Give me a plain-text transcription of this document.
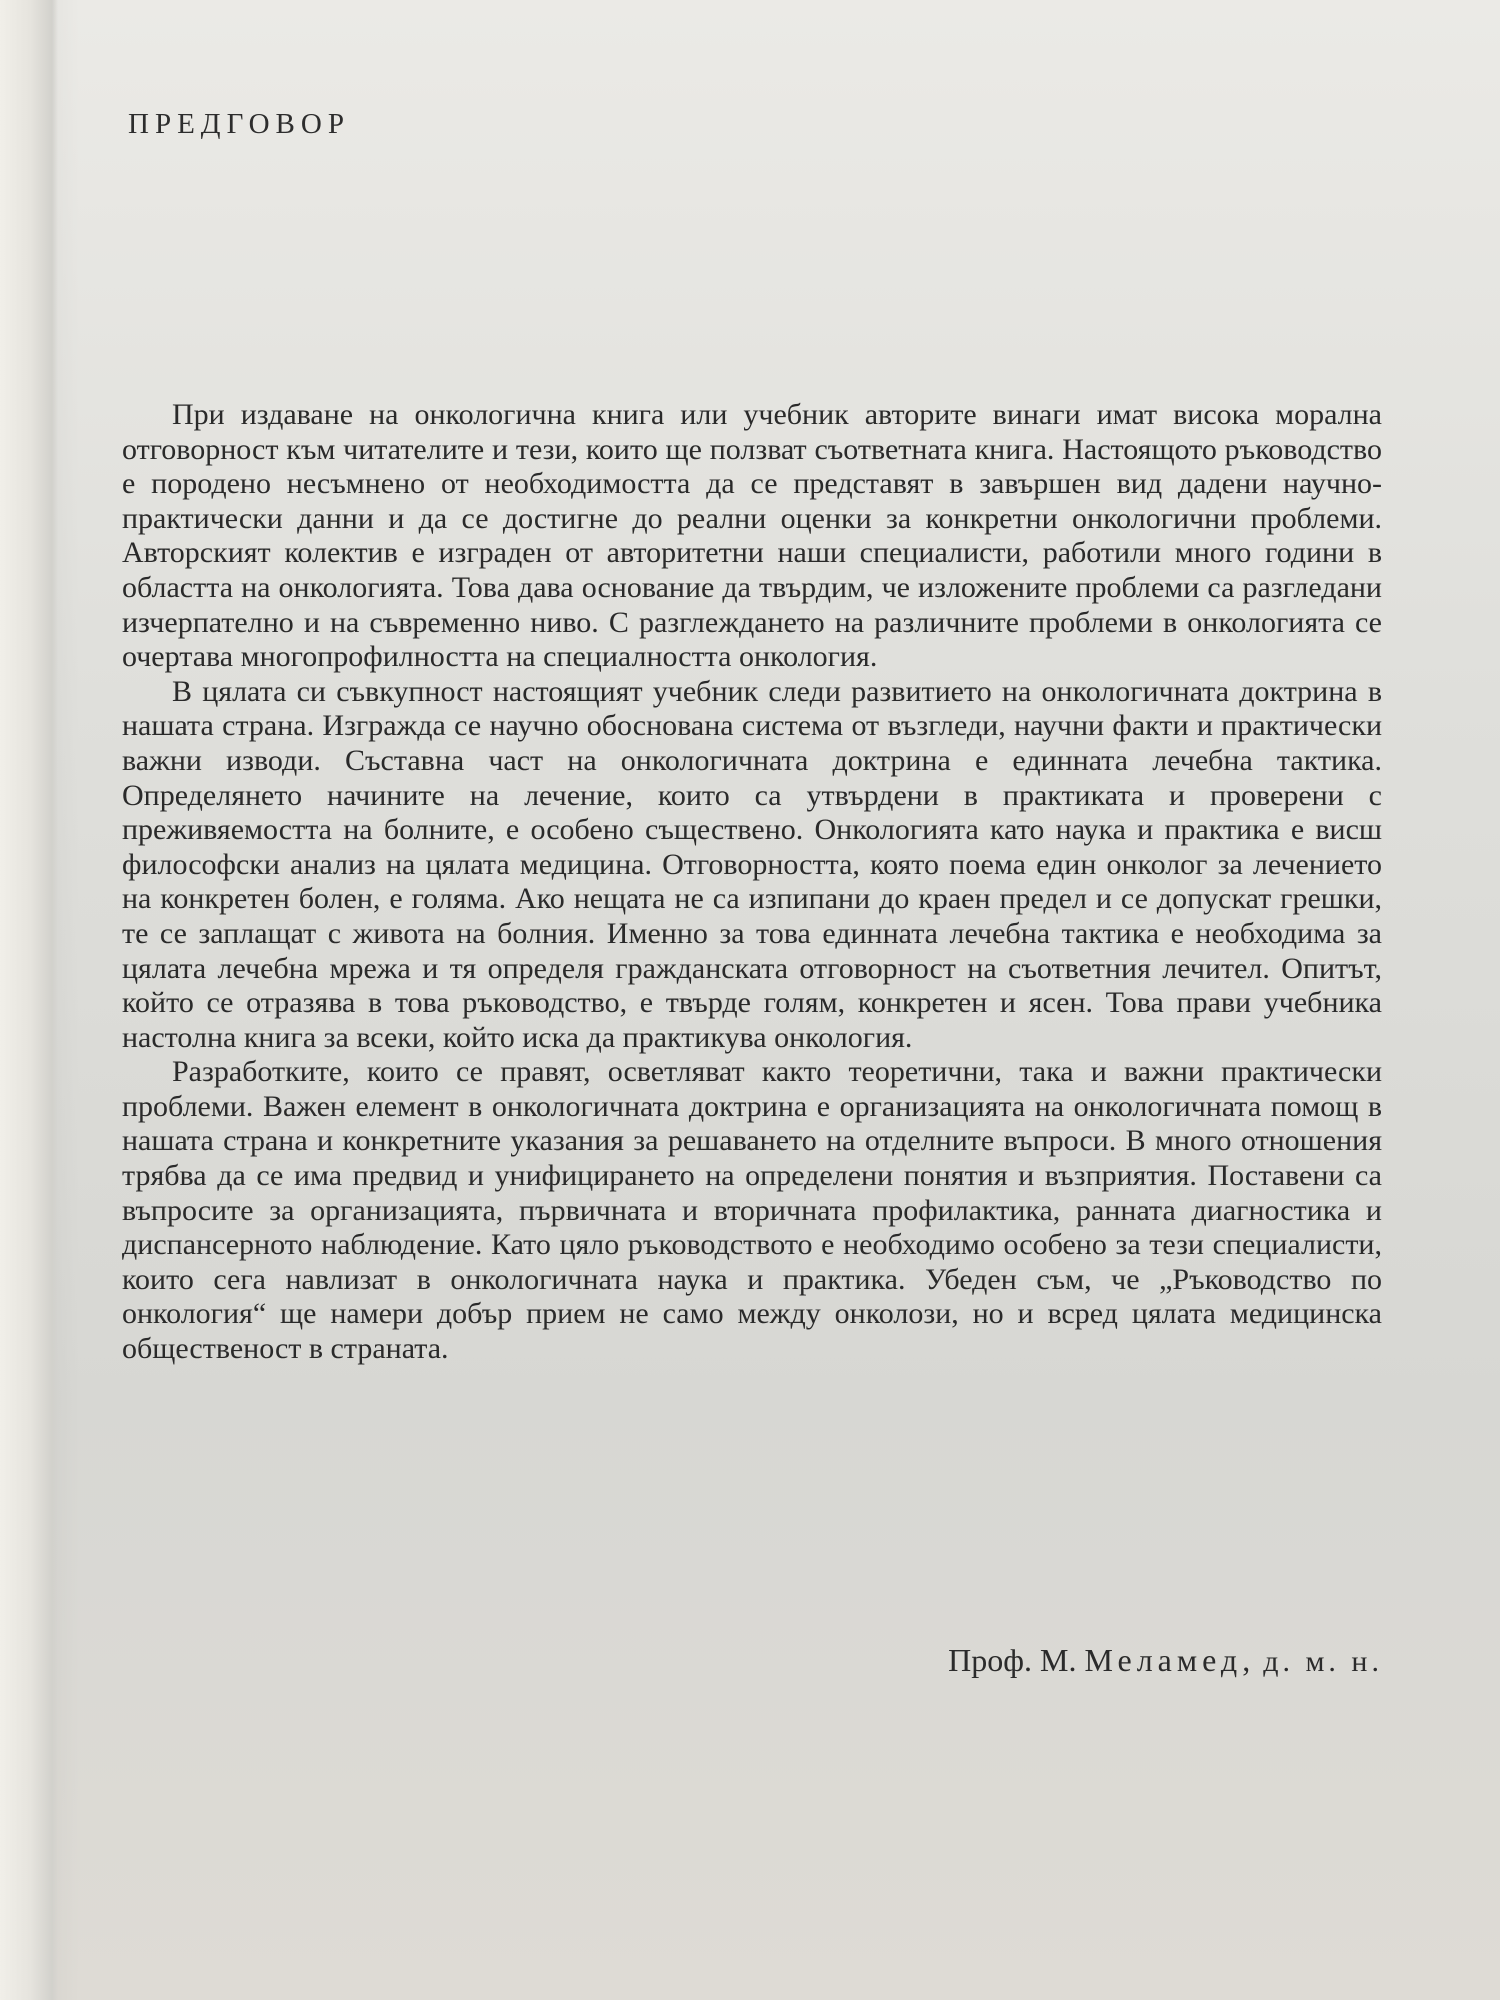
ПРЕДГОВОР

При издаване на онкологична книга или учебник авторите винаги имат висока морална отговорност към читателите и тези, които ще ползват съответната книга. Настоящото ръководство е породено несъмнено от необходимостта да се представят в завършен вид дадени научно-практически данни и да се достигне до реални оценки за конкретни онкологични проблеми. Авторският колектив е изграден от авторитетни наши специалисти, работили много години в областта на онкологията. Това дава основание да твърдим, че изложените проблеми са разгледани изчерпателно и на съвременно ниво. С разглеждането на различните проблеми в онкологията се очертава многопрофилността на специалността онкология.

В цялата си съвкупност настоящият учебник следи развитието на онкологичната доктрина в нашата страна. Изгражда се научно обоснована система от възгледи, научни факти и практически важни изводи. Съставна част на онкологичната доктрина е единната лечебна тактика. Определянето начините на лечение, които са утвърдени в практиката и проверени с преживяемостта на болните, е особено съществено. Онкологията като наука и практика е висш философски анализ на цялата медицина. Отговорността, която поема един онколог за лечението на конкретен болен, е голяма. Ако нещата не са изпипани до краен предел и се допускат грешки, те се заплащат с живота на болния. Именно за това единната лечебна тактика е необходима за цялата лечебна мрежа и тя определя гражданската отговорност на съответния лечител. Опитът, който се отразява в това ръководство, е твърде голям, конкретен и ясен. Това прави учебника настолна книга за всеки, който иска да практикува онкология.

Разработките, които се правят, осветляват както теоретични, така и важни практически проблеми. Важен елемент в онкологичната доктрина е организацията на онкологичната помощ в нашата страна и конкретните указания за решаването на отделните въпроси. В много отношения трябва да се има предвид и унифицирането на определени понятия и възприятия. Поставени са въпросите за организацията, първичната и вторичната профилактика, ранната диагностика и диспансерното наблюдение. Като цяло ръководството е необходимо особено за тези специалисти, които сега навлизат в онкологичната наука и практика. Убеден съм, че „Ръководство по онкология“ ще намери добър прием не само между онколози, но и всред цялата медицинска общественост в страната.

Проф. М. Меламед, д. м. н.
